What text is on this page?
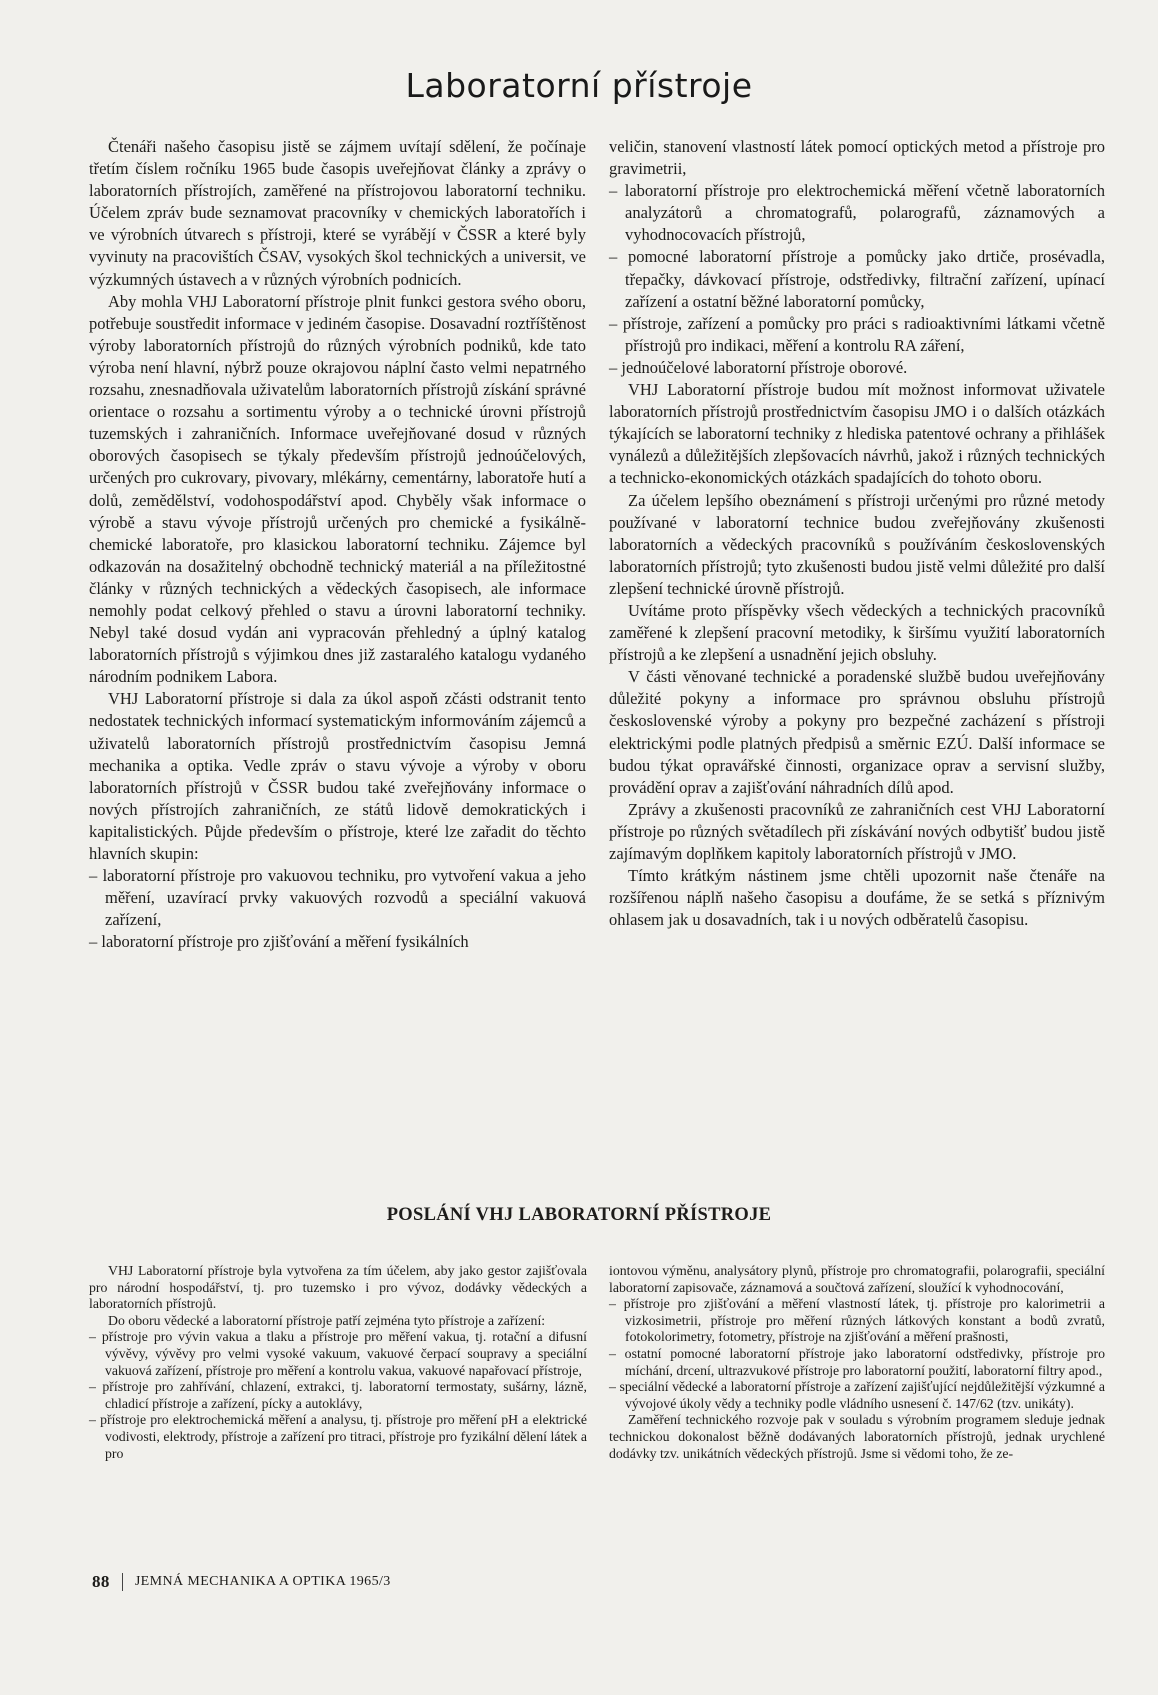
Laboratorní přístroje

Čtenáři našeho časopisu jistě se zájmem uvítají sdělení, že počínaje třetím číslem ročníku 1965 bude časopis uveřejňovat články a zprávy o laboratorních přístrojích, zaměřené na přístrojovou laboratorní techniku. Účelem zpráv bude seznamovat pracovníky v chemických laboratořích i ve výrobních útvarech s přístroji, které se vyrábějí v ČSSR a které byly vyvinuty na pracovištích ČSAV, vysokých škol technických a universit, ve výzkumných ústavech a v různých výrobních podnicích.

Aby mohla VHJ Laboratorní přístroje plnit funkci gestora svého oboru, potřebuje soustředit informace v jediném časopise. Dosavadní roztříštěnost výroby laboratorních přístrojů do různých výrobních podniků, kde tato výroba není hlavní, nýbrž pouze okrajovou náplní často velmi nepatrného rozsahu, znesnadňovala uživatelům laboratorních přístrojů získání správné orientace o rozsahu a sortimentu výroby a o technické úrovni přístrojů tuzemských i zahraničních. Informace uveřejňované dosud v různých oborových časopisech se týkaly především přístrojů jednoúčelových, určených pro cukrovary, pivovary, mlékárny, cementárny, laboratoře hutí a dolů, zemědělství, vodohospodářství apod. Chyběly však informace o výrobě a stavu vývoje přístrojů určených pro chemické a fysikálně-chemické laboratoře, pro klasickou laboratorní techniku. Zájemce byl odkazován na dosažitelný obchodně technický materiál a na příležitostné články v různých technických a vědeckých časopisech, ale informace nemohly podat celkový přehled o stavu a úrovni laboratorní techniky. Nebyl také dosud vydán ani vypracován přehledný a úplný katalog laboratorních přístrojů s výjimkou dnes již zastaralého katalogu vydaného národním podnikem Labora.

VHJ Laboratorní přístroje si dala za úkol aspoň zčásti odstranit tento nedostatek technických informací systematickým informováním zájemců a uživatelů laboratorních přístrojů prostřednictvím časopisu Jemná mechanika a optika. Vedle zpráv o stavu vývoje a výroby v oboru laboratorních přístrojů v ČSSR budou také zveřejňovány informace o nových přístrojích zahraničních, ze států lidově demokratických i kapitalistických. Půjde především o přístroje, které lze zařadit do těchto hlavních skupin:

– laboratorní přístroje pro vakuovou techniku, pro vytvoření vakua a jeho měření, uzavírací prvky vakuových rozvodů a speciální vakuová zařízení,
– laboratorní přístroje pro zjišťování a měření fysikálních

veličin, stanovení vlastností látek pomocí optických metod a přístroje pro gravimetrii,

– laboratorní přístroje pro elektrochemická měření včetně laboratorních analyzátorů a chromatografů, polarografů, záznamových a vyhodnocovacích přístrojů,
– pomocné laboratorní přístroje a pomůcky jako drtiče, prosévadla, třepačky, dávkovací přístroje, odstředivky, filtrační zařízení, upínací zařízení a ostatní běžné laboratorní pomůcky,
– přístroje, zařízení a pomůcky pro práci s radioaktivními látkami včetně přístrojů pro indikaci, měření a kontrolu RA záření,
– jednoúčelové laboratorní přístroje oborové.

VHJ Laboratorní přístroje budou mít možnost informovat uživatele laboratorních přístrojů prostřednictvím časopisu JMO i o dalších otázkách týkajících se laboratorní techniky z hlediska patentové ochrany a přihlášek vynálezů a důležitějších zlepšovacích návrhů, jakož i různých technických a technicko-ekonomických otázkách spadajících do tohoto oboru.

Za účelem lepšího obeznámení s přístroji určenými pro různé metody používané v laboratorní technice budou zveřejňovány zkušenosti laboratorních a vědeckých pracovníků s používáním československých laboratorních přístrojů; tyto zkušenosti budou jistě velmi důležité pro další zlepšení technické úrovně přístrojů.

Uvítáme proto příspěvky všech vědeckých a technických pracovníků zaměřené k zlepšení pracovní metodiky, k širšímu využití laboratorních přístrojů a ke zlepšení a usnadnění jejich obsluhy.

V části věnované technické a poradenské službě budou uveřejňovány důležité pokyny a informace pro správnou obsluhu přístrojů československé výroby a pokyny pro bezpečné zacházení s přístroji elektrickými podle platných předpisů a směrnic EZÚ. Další informace se budou týkat opravářské činnosti, organizace oprav a servisní služby, provádění oprav a zajišťování náhradních dílů apod.

Zprávy a zkušenosti pracovníků ze zahraničních cest VHJ Laboratorní přístroje po různých světadílech při získávání nových odbytišť budou jistě zajímavým doplňkem kapitoly laboratorních přístrojů v JMO.

Tímto krátkým nástinem jsme chtěli upozornit naše čtenáře na rozšířenou náplň našeho časopisu a doufáme, že se setká s příznivým ohlasem jak u dosavadních, tak i u nových odběratelů časopisu.

POSLÁNÍ VHJ LABORATORNÍ PŘÍSTROJE

VHJ Laboratorní přístroje byla vytvořena za tím účelem, aby jako gestor zajišťovala pro národní hospodářství, tj. pro tuzemsko i pro vývoz, dodávky vědeckých a laboratorních přístrojů.

Do oboru vědecké a laboratorní přístroje patří zejména tyto přístroje a zařízení:

– přístroje pro vývin vakua a tlaku a přístroje pro měření vakua, tj. rotační a difusní vývěvy, vývěvy pro velmi vysoké vakuum, vakuové čerpací soupravy a speciální vakuová zařízení, přístroje pro měření a kontrolu vakua, vakuové napařovací přístroje,
– přístroje pro zahřívání, chlazení, extrakci, tj. laboratorní termostaty, sušárny, lázně, chladicí přístroje a zařízení, pícky a autoklávy,
– přístroje pro elektrochemická měření a analysu, tj. přístroje pro měření pH a elektrické vodivosti, elektrody, přístroje a zařízení pro titraci, přístroje pro fyzikální dělení látek a pro

iontovou výměnu, analysátory plynů, přístroje pro chromatografii, polarografii, speciální laboratorní zapisovače, záznamová a součtová zařízení, sloužící k vyhodnocování,

– přístroje pro zjišťování a měření vlastností látek, tj. přístroje pro kalorimetrii a vizkosimetrii, přístroje pro měření různých látkových konstant a bodů zvratů, fotokolorimetry, fotometry, přístroje na zjišťování a měření prašnosti,
– ostatní pomocné laboratorní přístroje jako laboratorní odstředivky, přístroje pro míchání, drcení, ultrazvukové přístroje pro laboratorní použití, laboratorní filtry apod.,
– speciální vědecké a laboratorní přístroje a zařízení zajišťující nejdůležitější výzkumné a vývojové úkoly vědy a techniky podle vládního usnesení č. 147/62 (tzv. unikáty).

Zaměření technického rozvoje pak v souladu s výrobním programem sleduje jednak technickou dokonalost běžně dodávaných laboratorních přístrojů, jednak urychlené dodávky tzv. unikátních vědeckých přístrojů. Jsme si vědomi toho, že ze-

88 JEMNÁ MECHANIKA A OPTIKA 1965/3
